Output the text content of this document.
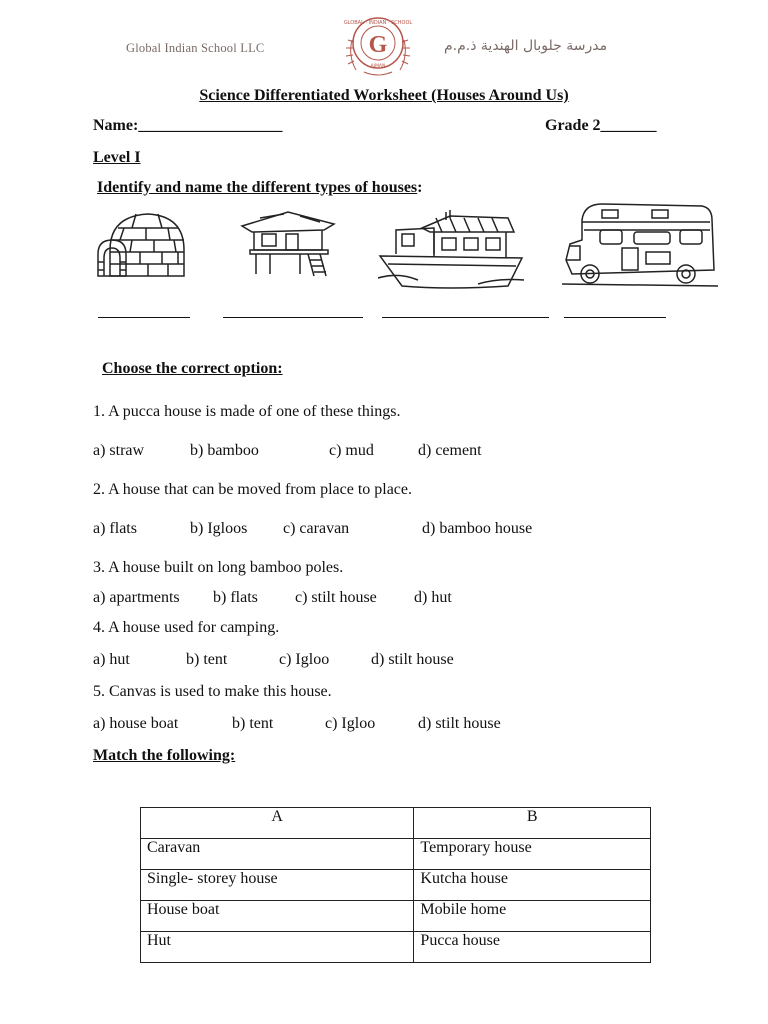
Global Indian School LLC	G
GLOBAL · INDIAN · SCHOOL
AJMAN
مدرسة جلوبال الهندية ذ.م.م
Science Differentiated Worksheet (Houses Around Us)
Name:__________________	Grade 2_______
Level I
Identify and name the different types of houses:
Choose the correct option:
1. A pucca house is made of one of these things.
a) straw	b) bamboo	c) mud	d) cement
2. A house that can be moved from place to place.
a) flats	b) Igloos c) caravan	d) bamboo house
3. A house built on long bamboo poles.
a) apartments b) flats c) stilt house d) hut
4. A house used for camping.
a) hut	b) tent	c) Igloo	d) stilt house
5. Canvas is used to make this house.
a) house boat	b) tent	c) Igloo	d) stilt house
Match the following:
A	B
Caravan	Temporary house
Single- storey house	Kutcha house
House boat	Mobile home
Hut	Pucca house
